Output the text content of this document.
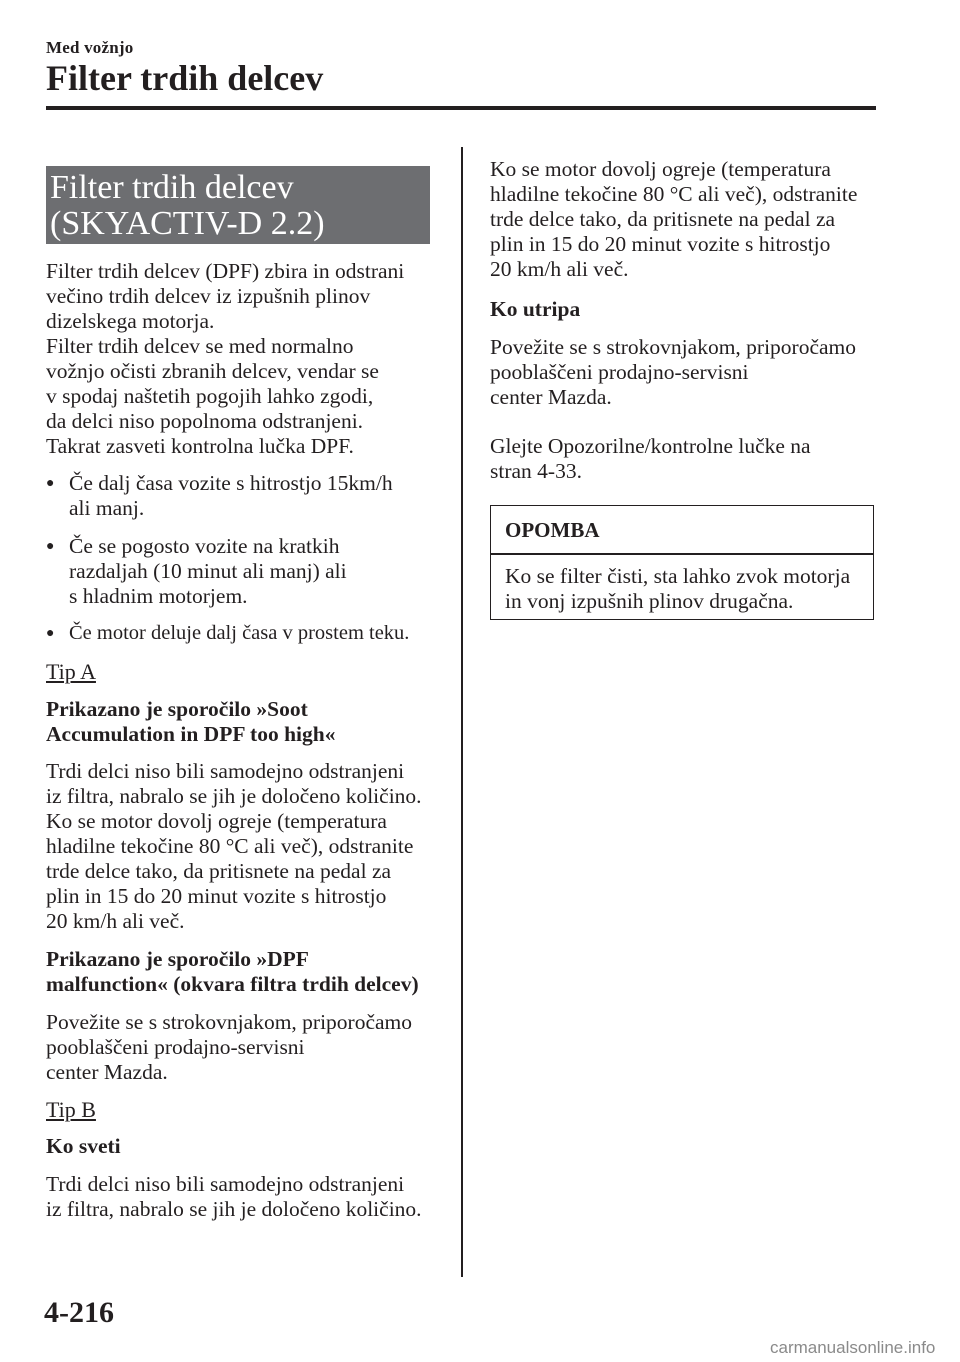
Med vožnjo
Filter trdih delcev
Filter trdih delcev
(SKYACTIV-D 2.2)

Filter trdih delcev (DPF) zbira in odstrani

večino trdih delcev iz izpušnih plinov

dizelskega motorja.

Filter trdih delcev se med normalno

vožnjo očisti zbranih delcev, vendar se

v spodaj naštetih pogojih lahko zgodi,

da delci niso popolnoma odstranjeni.

Takrat zasveti kontrolna lučka DPF.

● Če dalj časa vozite s hitrostjo 15km/h

ali manj.

● Če se pogosto vozite na kratkih

razdaljah (10 minut ali manj) ali

s hladnim motorjem.

● Če motor deluje dalj časa v prostem teku.

Tip A

Prikazano je sporočilo »Soot

Accumulation in DPF too high«

Trdi delci niso bili samodejno odstranjeni

iz filtra, nabralo se jih je določeno količino.

Ko se motor dovolj ogreje (temperatura

hladilne tekočine 80 °C ali več), odstranite

trde delce tako, da pritisnete na pedal za

plin in 15 do 20 minut vozite s hitrostjo

20 km/h ali več.

Prikazano je sporočilo »DPF

malfunction« (okvara filtra trdih delcev)

Povežite se s strokovnjakom, priporočamo

pooblaščeni prodajno-servisni

center Mazda.

Tip B
Ko sveti

Trdi delci niso bili samodejno odstranjeni

iz filtra, nabralo se jih je določeno količino.

Ko se motor dovolj ogreje (temperatura

hladilne tekočine 80 °C ali več), odstranite

trde delce tako, da pritisnete na pedal za

plin in 15 do 20 minut vozite s hitrostjo

20 km/h ali več.

Ko utripa

Povežite se s strokovnjakom, priporočamo

pooblaščeni prodajno-servisni

center Mazda.

Glejte Opozorilne/kontrolne lučke na

stran 4-33.

OPOMBA

Ko se filter čisti, sta lahko zvok motorja

in vonj izpušnih plinov drugačna.

4-216
carmanualsonline.info
